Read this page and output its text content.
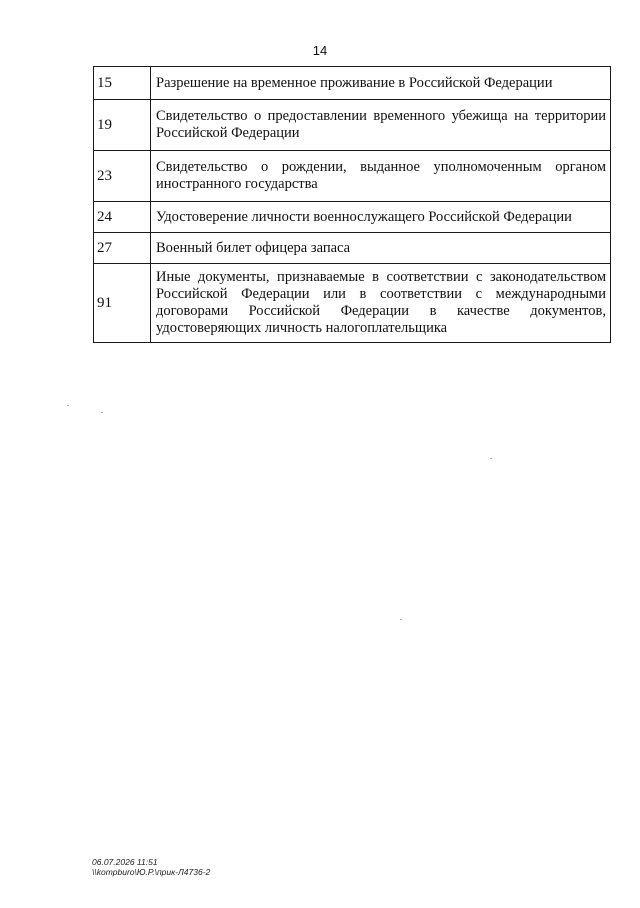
14
15	Разрешение на временное проживание в Российской Федерации
19	Свидетельство о предоставлении временного убежища на территории Российской Федерации
23	Свидетельство о рождении, выданное уполномоченным органом иностранного государства
24	Удостоверение личности военнослужащего Российской Федерации
27	Военный билет офицера запаса
91	Иные документы, признаваемые в соответствии с законодательством Российской Федерации или в соответствии с международными договорами Российской Федерации в качестве документов, удостоверяющих личность налогоплательщика
06.07.2026 11:51
\\kompburo\Ю.Р.\прик-Л4736-2
